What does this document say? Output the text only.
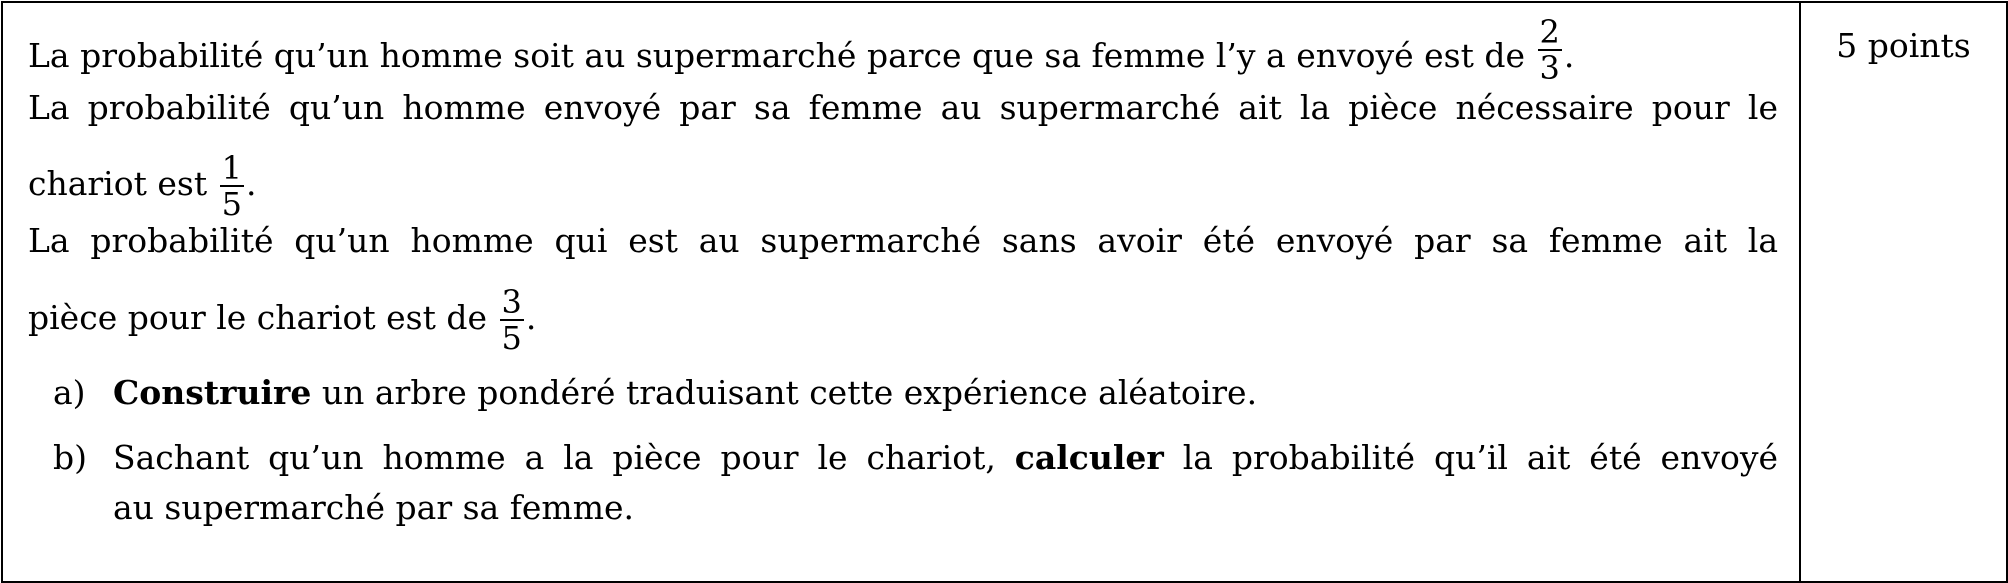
5 points
La probabilité qu’un homme soit au supermarché parce que sa femme l’y a envoyé est de $\frac{2}{3}$ .
La probabilité qu’un homme envoyé par sa femme au supermarché ait la pièce nécessaire pour le
chariot est $\frac{1}{5}$ .
La probabilité qu’un homme qui est au supermarché sans avoir été envoyé par sa femme ait la
pièce pour le chariot est de $\frac{3}{5}$ .
a) Construire un arbre pondéré traduisant cette expérience aléatoire.
b) Sachant qu’un homme a la pièce pour le chariot, calculer la probabilité qu’il ait été envoyé
au supermarché par sa femme.
